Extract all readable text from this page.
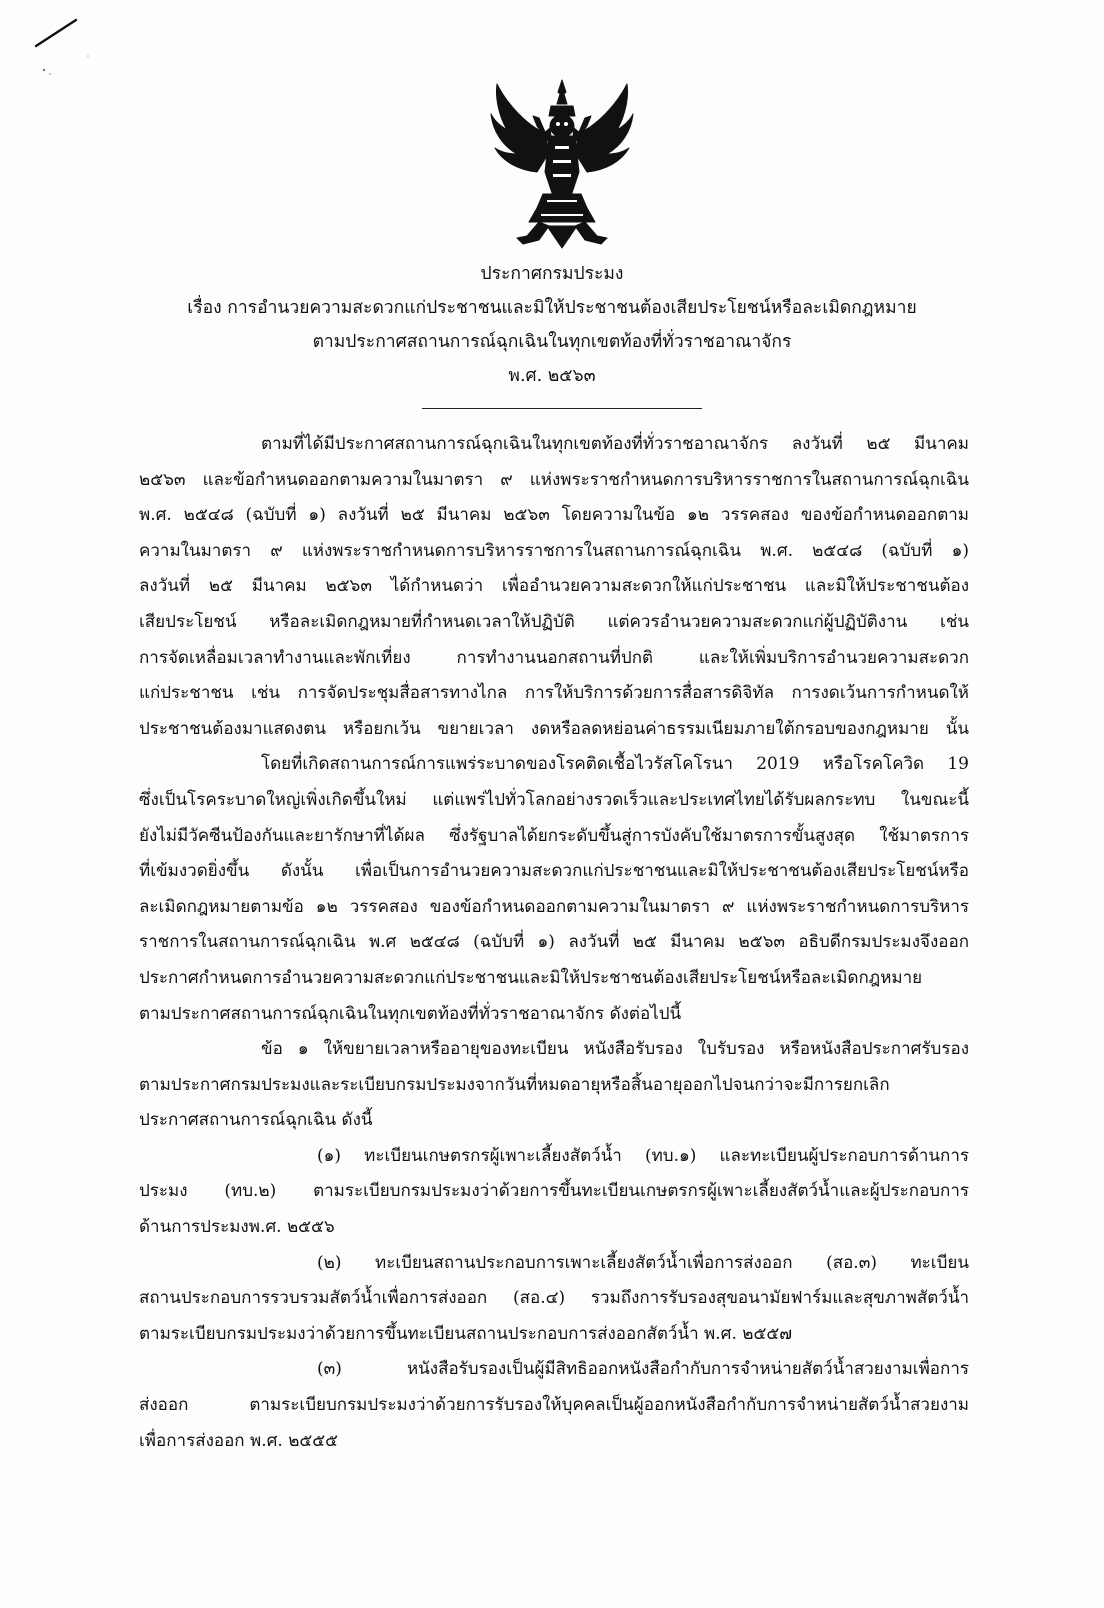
ประกาศกรมประมง
เรื่อง การอำนวยความสะดวกแก่ประชาชนและมิให้ประชาชนต้องเสียประโยชน์หรือละเมิดกฎหมาย
ตามประกาศสถานการณ์ฉุกเฉินในทุกเขตท้องที่ทั่วราชอาณาจักร
พ.ศ. ๒๕๖๓
ตามที่ได้มีประกาศสถานการณ์ฉุกเฉินในทุกเขตท้องที่ทั่วราชอาณาจักร ลงวันที่ ๒๕ มีนาคม
๒๕๖๓ และข้อกำหนดออกตามความในมาตรา ๙ แห่งพระราชกำหนดการบริหารราชการในสถานการณ์ฉุกเฉิน
พ.ศ. ๒๕๔๘ (ฉบับที่ ๑) ลงวันที่ ๒๕ มีนาคม ๒๕๖๓ โดยความในข้อ ๑๒ วรรคสอง ของข้อกำหนดออกตาม
ความในมาตรา ๙ แห่งพระราชกำหนดการบริหารราชการในสถานการณ์ฉุกเฉิน พ.ศ. ๒๕๔๘ (ฉบับที่ ๑)
ลงวันที่ ๒๕ มีนาคม ๒๕๖๓ ได้กำหนดว่า เพื่ออำนวยความสะดวกให้แก่ประชาชน และมิให้ประชาชนต้อง
เสียประโยชน์ หรือละเมิดกฎหมายที่กำหนดเวลาให้ปฏิบัติ แต่ควรอำนวยความสะดวกแก่ผู้ปฏิบัติงาน เช่น
การจัดเหลื่อมเวลาทำงานและพักเที่ยง การทำงานนอกสถานที่ปกติ และให้เพิ่มบริการอำนวยความสะดวก
แก่ประชาชน เช่น การจัดประชุมสื่อสารทางไกล การให้บริการด้วยการสื่อสารดิจิทัล การงดเว้นการกำหนดให้
ประชาชนต้องมาแสดงตน หรือยกเว้น ขยายเวลา งดหรือลดหย่อนค่าธรรมเนียมภายใต้กรอบของกฎหมาย นั้น
โดยที่เกิดสถานการณ์การแพร่ระบาดของโรคติดเชื้อไวรัสโคโรนา 2019 หรือโรคโควิด 19
ซึ่งเป็นโรคระบาดใหญ่เพิ่งเกิดขึ้นใหม่ แต่แพร่ไปทั่วโลกอย่างรวดเร็วและประเทศไทยได้รับผลกระทบ ในขณะนี้
ยังไม่มีวัคซีนป้องกันและยารักษาที่ได้ผล ซึ่งรัฐบาลได้ยกระดับขึ้นสู่การบังคับใช้มาตรการขั้นสูงสุด ใช้มาตรการ
ที่เข้มงวดยิ่งขึ้น ดังนั้น เพื่อเป็นการอำนวยความสะดวกแก่ประชาชนและมิให้ประชาชนต้องเสียประโยชน์หรือ
ละเมิดกฎหมายตามข้อ ๑๒ วรรคสอง ของข้อกำหนดออกตามความในมาตรา ๙ แห่งพระราชกำหนดการบริหาร
ราชการในสถานการณ์ฉุกเฉิน พ.ศ ๒๕๔๘ (ฉบับที่ ๑) ลงวันที่ ๒๕ มีนาคม ๒๕๖๓ อธิบดีกรมประมงจึงออก
ประกาศกำหนดการอำนวยความสะดวกแก่ประชาชนและมิให้ประชาชนต้องเสียประโยชน์หรือละเมิดกฎหมาย
ตามประกาศสถานการณ์ฉุกเฉินในทุกเขตท้องที่ทั่วราชอาณาจักร ดังต่อไปนี้
ข้อ ๑ ให้ขยายเวลาหรืออายุของทะเบียน หนังสือรับรอง ใบรับรอง หรือหนังสือประกาศรับรอง
ตามประกาศกรมประมงและระเบียบกรมประมงจากวันที่หมดอายุหรือสิ้นอายุออกไปจนกว่าจะมีการยกเลิก
ประกาศสถานการณ์ฉุกเฉิน ดังนี้
(๑) ทะเบียนเกษตรกรผู้เพาะเลี้ยงสัตว์น้ำ (ทบ.๑) และทะเบียนผู้ประกอบการด้านการ
ประมง (ทบ.๒) ตามระเบียบกรมประมงว่าด้วยการขึ้นทะเบียนเกษตรกรผู้เพาะเลี้ยงสัตว์น้ำและผู้ประกอบการ
ด้านการประมงพ.ศ. ๒๕๕๖
(๒) ทะเบียนสถานประกอบการเพาะเลี้ยงสัตว์น้ำเพื่อการส่งออก (สอ.๓) ทะเบียน
สถานประกอบการรวบรวมสัตว์น้ำเพื่อการส่งออก (สอ.๔) รวมถึงการรับรองสุขอนามัยฟาร์มและสุขภาพสัตว์น้ำ
ตามระเบียบกรมประมงว่าด้วยการขึ้นทะเบียนสถานประกอบการส่งออกสัตว์น้ำ พ.ศ. ๒๕๕๗
(๓) หนังสือรับรองเป็นผู้มีสิทธิออกหนังสือกำกับการจำหน่ายสัตว์น้ำสวยงามเพื่อการ
ส่งออก ตามระเบียบกรมประมงว่าด้วยการรับรองให้บุคคลเป็นผู้ออกหนังสือกำกับการจำหน่ายสัตว์น้ำสวยงาม
เพื่อการส่งออก พ.ศ. ๒๕๕๕
